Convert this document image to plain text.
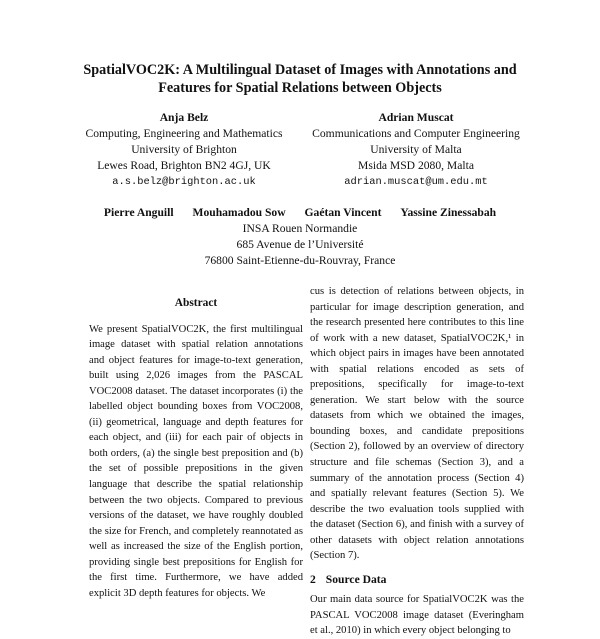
SpatialVOC2K: A Multilingual Dataset of Images with Annotations and
Features for Spatial Relations between Objects
Anja Belz
Computing, Engineering and Mathematics
University of Brighton
Lewes Road, Brighton BN2 4GJ, UK
a.s.belz@brighton.ac.uk
Adrian Muscat
Communications and Computer Engineering
University of Malta
Msida MSD 2080, Malta
adrian.muscat@um.edu.mt
Pierre Anguill Mouhamadou Sow Gaétan Vincent Yassine Zinessabah
INSA Rouen Normandie
685 Avenue de l’Université
76800 Saint-Etienne-du-Rouvray, France
Abstract

We present SpatialVOC2K, the first multilingual image dataset with spatial relation annotations and object features for image-to-text generation, built using 2,026 images from the PASCAL VOC2008 dataset. The dataset incorporates (i) the labelled object bounding boxes from VOC2008, (ii) geometrical, language and depth features for each object, and (iii) for each pair of objects in both orders, (a) the single best preposition and (b) the set of possible prepositions in the given language that describe the spatial relationship between the two objects. Compared to previous versions of the dataset, we have roughly doubled the size for French, and completely reannotated as well as increased the size of the English portion, providing single best prepositions for English for the first time. Furthermore, we have added explicit 3D depth features for objects. We

cus is detection of relations between objects, in particular for image description generation, and the research presented here contributes to this line of work with a new dataset, SpatialVOC2K,¹ in which object pairs in images have been annotated with spatial relations encoded as sets of prepositions, specifically for image-to-text generation. We start below with the source datasets from which we obtained the images, bounding boxes, and candidate prepositions (Section 2), followed by an overview of directory structure and file schemas (Section 3), and a summary of the annotation process (Section 4) and spatially relevant features (Section 5). We describe the two evaluation tools supplied with the dataset (Section 6), and finish with a survey of other datasets with object relation annotations (Section 7).

2 Source Data

Our main data source for SpatialVOC2K was the PASCAL VOC2008 image dataset (Everingham et al., 2010) in which every object belonging to
